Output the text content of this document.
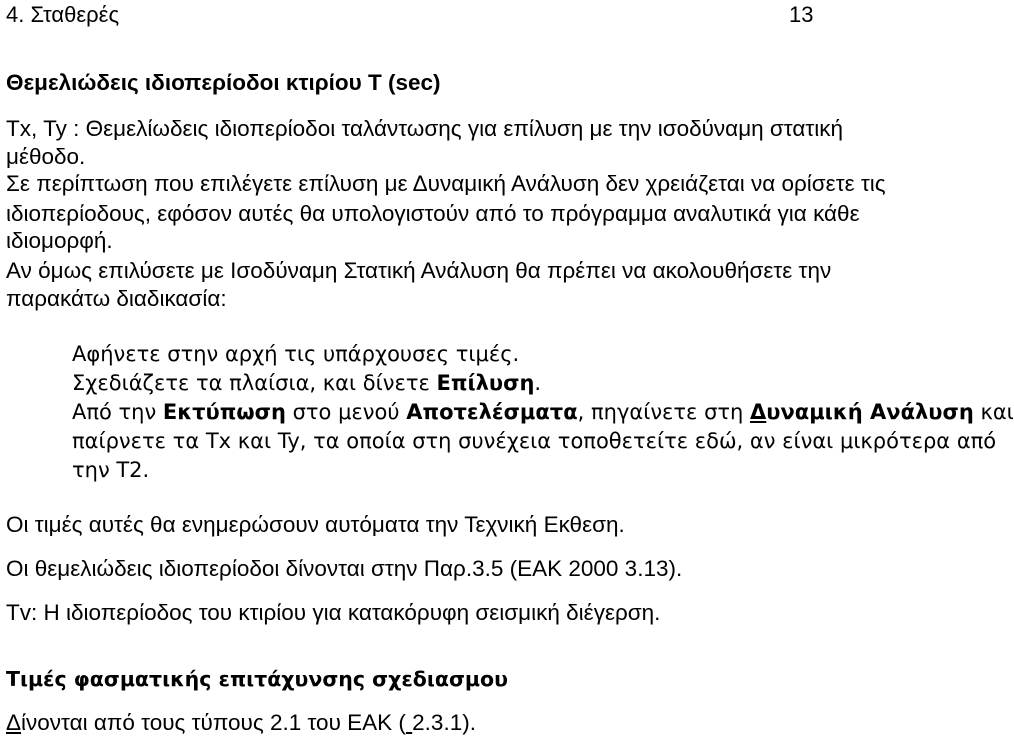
4. Σταθερές	13
Θεμελιώδεις ιδιοπερίοδοι κτιρίου T (sec)
Tx, Ty : Θεμελίωδεις ιδιοπερίοδοι ταλάντωσης για επίλυση με την ισοδύναμη στατική
μέθοδο.
Σε περίπτωση που επιλέγετε επίλυση με Δυναμική Ανάλυση δεν χρειάζεται να ορίσετε τις
ιδιοπερίοδους, εφόσον αυτές θα υπολογιστούν από το πρόγραμμα αναλυτικά για κάθε
ιδιομορφή.
Αν όμως επιλύσετε με Ισοδύναμη Στατική Ανάλυση θα πρέπει να ακολουθήσετε την
παρακάτω διαδικασία:
Αφήνετε στην αρχή τις υπάρχουσες τιμές.
Σχεδιάζετε τα πλαίσια, και δίνετε Επίλυση.
Από την Εκτύπωση στο μενού Αποτελέσματα, πηγαίνετε στη Δυναμική Ανάλυση και
παίρνετε τα Tx και Ty, τα οποία στη συνέχεια τοποθετείτε εδώ, αν είναι μικρότερα από
την T2.
Οι τιμές αυτές θα ενημερώσουν αυτόματα την Τεχνική Εκθεση.
Οι θεμελιώδεις ιδιοπερίοδοι δίνονται στην Παρ.3.5 (ΕΑΚ 2000 3.13).
Tv: Η ιδιοπερίοδος του κτιρίου για κατακόρυφη σεισμική διέγερση.
Τιμές φασματικής επιτάχυνσης σχεδιασμου
Δίνονται από τους τύπους 2.1 του ΕΑΚ ( 2.3.1).
